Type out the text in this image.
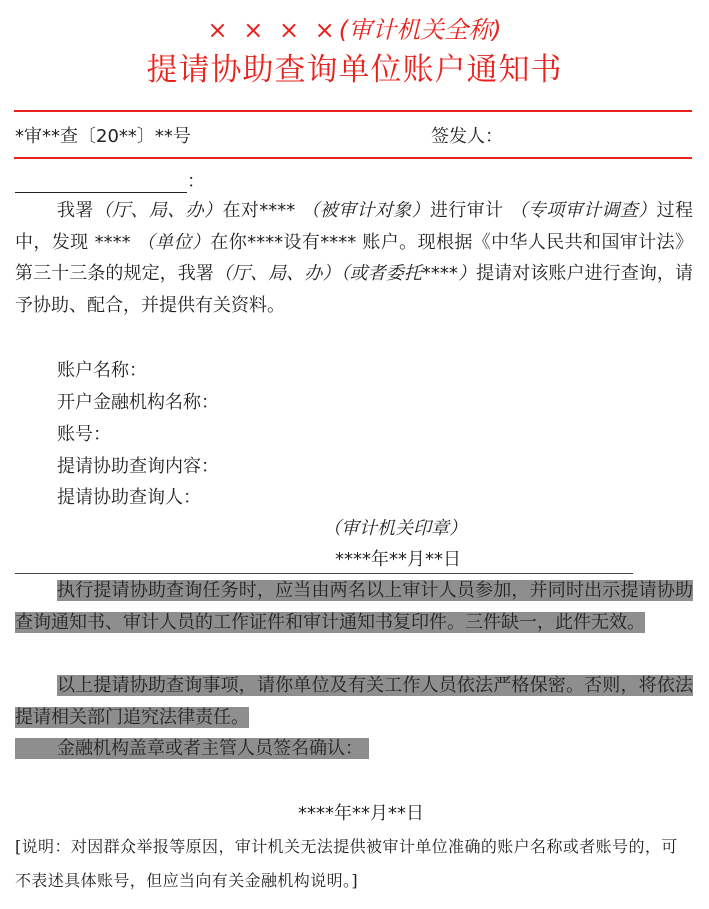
× × × ×(审计机关全称)
提请协助查询单位账户通知书
*审**查〔20**〕**号	签发人：
：
我署（厅、局、办）在对**** （被审计对象）进行审计 （专项审计调查）过程中，发现 **** （单位）在你****设有**** 账户。现根据《中华人民共和国审计法》第三十三条的规定，我署（厅、局、办）（或者委托****）提请对该账户进行查询，请予协助、配合，并提供有关资料。
账户名称：
开户金融机构名称：
账号：
提请协助查询内容：
提请协助查询人：
（审计机关印章）
****年**月**日
执行提请协助查询任务时，应当由两名以上审计人员参加，并同时出示提请协助查询通知书、审计人员的工作证件和审计通知书复印件。三件缺一，此件无效。
以上提请协助查询事项，请你单位及有关工作人员依法严格保密。否则，将依法提请相关部门追究法律责任。
金融机构盖章或者主管人员签名确认：
****年**月**日
[说明：对因群众举报等原因，审计机关无法提供被审计单位准确的账户名称或者账号的，可不表述具体账号，但应当向有关金融机构说明。]
